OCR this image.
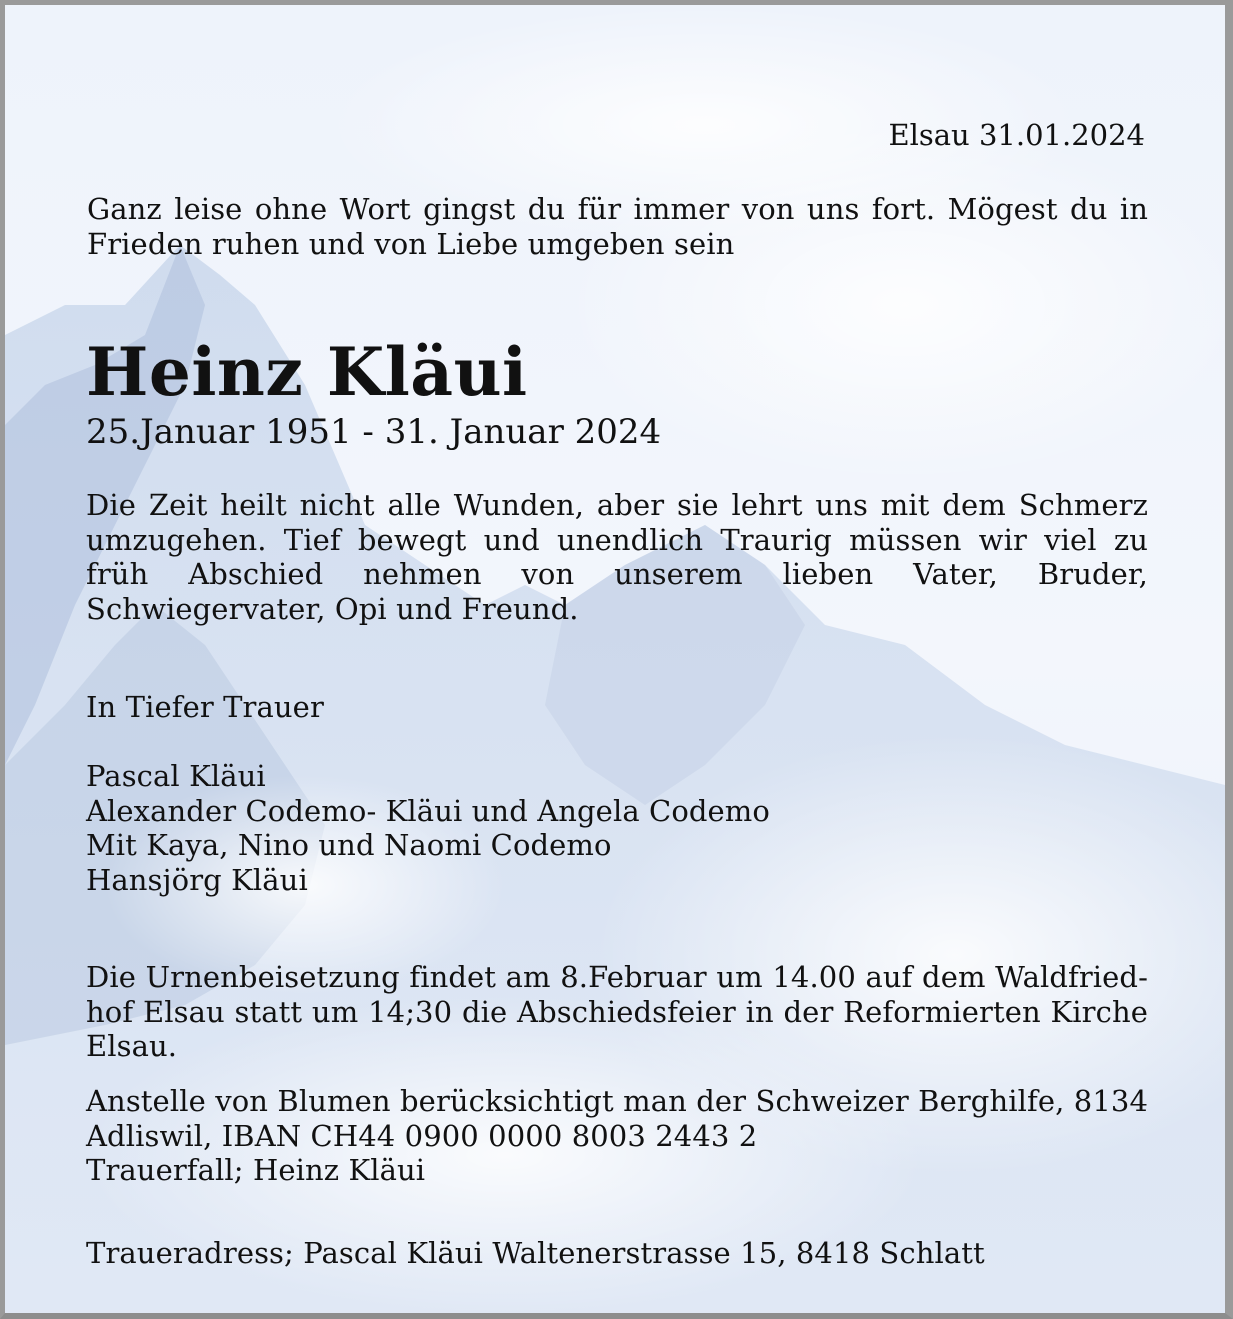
Elsau 31.01.2024
Ganz leise ohne Wort gingst du für immer von uns fort. Mögest du in Frieden ruhen und von Liebe umgeben sein
Heinz Kläui
25.Januar 1951 - 31. Januar 2024
Die Zeit heilt nicht alle Wunden, aber sie lehrt uns mit dem Schmerz umzugehen. Tief bewegt und unendlich Traurig müssen wir viel zu früh Abschied nehmen von unserem lieben Vater, Bruder, Schwiegervater, Opi und Freund.
In Tiefer Trauer
Pascal Kläui
Alexander Codemo- Kläui und Angela Codemo
Mit Kaya, Nino und Naomi Codemo
Hansjörg Kläui
Die Urnenbeisetzung findet am 8.Februar um 14.00 auf dem Waldfried-hof Elsau statt um 14;30 die Abschiedsfeier in der Reformierten Kirche Elsau.
Anstelle von Blumen berücksichtigt man der Schweizer Berghilfe, 8134
Adliswil, IBAN CH44 0900 0000 8003 2443 2
Trauerfall; Heinz Kläui
Traueradress; Pascal Kläui Waltenerstrasse 15, 8418 Schlatt
